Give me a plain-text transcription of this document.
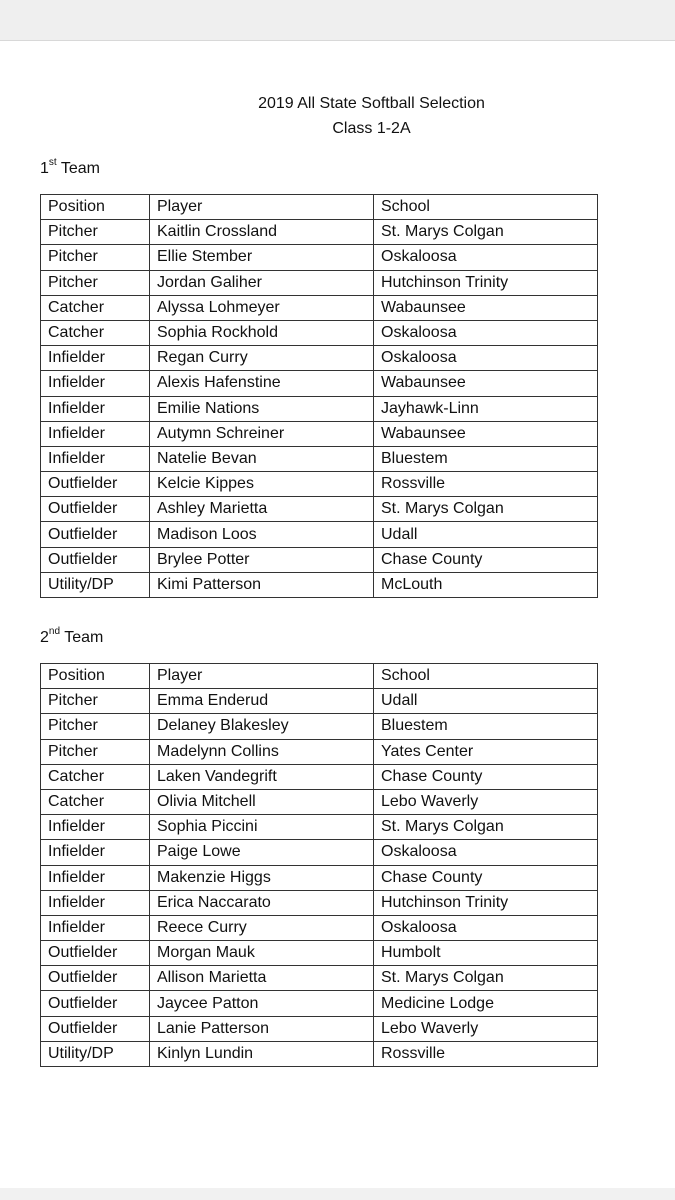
2019 All State Softball Selection
Class 1-2A
1st Team
Position	Player	School
Pitcher	Kaitlin Crossland	St. Marys Colgan
Pitcher	Ellie Stember	Oskaloosa
Pitcher	Jordan Galiher	Hutchinson Trinity
Catcher	Alyssa Lohmeyer	Wabaunsee
Catcher	Sophia Rockhold	Oskaloosa
Infielder	Regan Curry	Oskaloosa
Infielder	Alexis Hafenstine	Wabaunsee
Infielder	Emilie Nations	Jayhawk-Linn
Infielder	Autymn Schreiner	Wabaunsee
Infielder	Natelie Bevan	Bluestem
Outfielder	Kelcie Kippes	Rossville
Outfielder	Ashley Marietta	St. Marys Colgan
Outfielder	Madison Loos	Udall
Outfielder	Brylee Potter	Chase County
Utility/DP	Kimi Patterson	McLouth
2nd Team
Position	Player	School
Pitcher	Emma Enderud	Udall
Pitcher	Delaney Blakesley	Bluestem
Pitcher	Madelynn Collins	Yates Center
Catcher	Laken Vandegrift	Chase County
Catcher	Olivia Mitchell	Lebo Waverly
Infielder	Sophia Piccini	St. Marys Colgan
Infielder	Paige Lowe	Oskaloosa
Infielder	Makenzie Higgs	Chase County
Infielder	Erica Naccarato	Hutchinson Trinity
Infielder	Reece Curry	Oskaloosa
Outfielder	Morgan Mauk	Humbolt
Outfielder	Allison Marietta	St. Marys Colgan
Outfielder	Jaycee Patton	Medicine Lodge
Outfielder	Lanie Patterson	Lebo Waverly
Utility/DP	Kinlyn Lundin	Rossville
